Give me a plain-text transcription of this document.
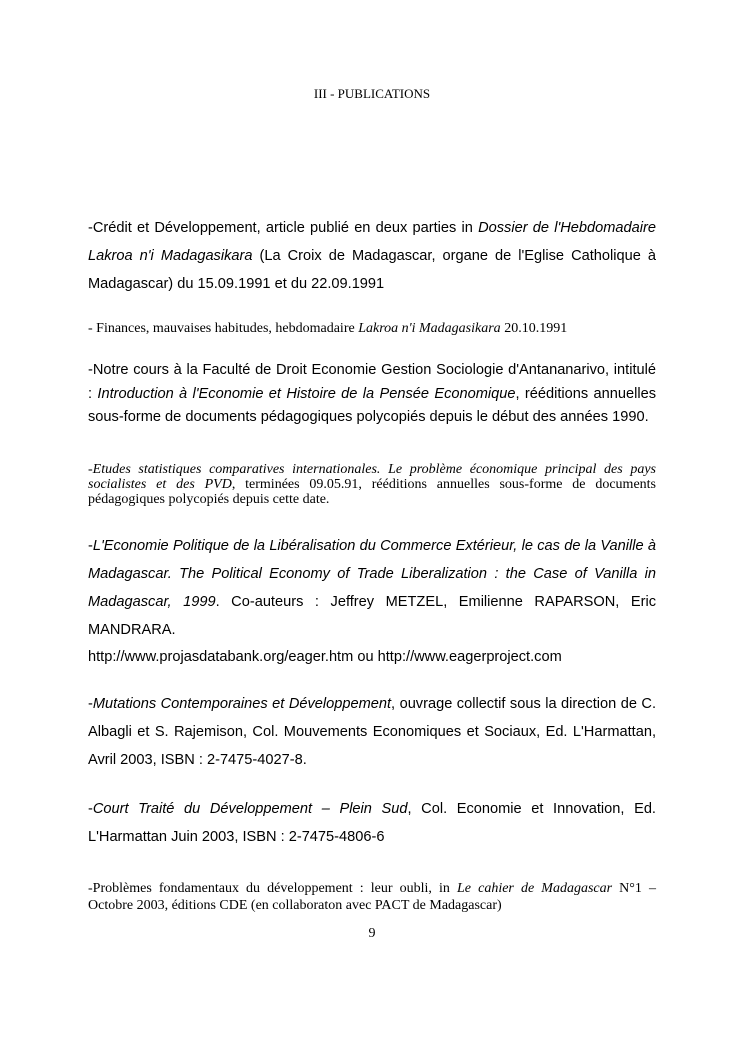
III - PUBLICATIONS

-Crédit et Développement, article publié en deux parties in Dossier de l'Hebdomadaire Lakroa n'i Madagasikara (La Croix de Madagascar, organe de l'Eglise Catholique à Madagascar) du 15.09.1991 et du 22.09.1991

- Finances, mauvaises habitudes, hebdomadaire Lakroa n'i Madagasikara 20.10.1991

-Notre cours à la Faculté de Droit Economie Gestion Sociologie d'Antananarivo, intitulé : Introduction à l'Economie et Histoire de la Pensée Economique, rééditions annuelles sous-forme de documents pédagogiques polycopiés depuis le début des années 1990.

-Etudes statistiques comparatives internationales. Le problème économique principal des pays socialistes et des PVD, terminées 09.05.91, rééditions annuelles sous-forme de documents pédagogiques polycopiés depuis cette date.

-L'Economie Politique de la Libéralisation du Commerce Extérieur, le cas de la Vanille à Madagascar. The Political Economy of Trade Liberalization : the Case of Vanilla in Madagascar, 1999. Co-auteurs : Jeffrey METZEL, Emilienne RAPARSON, Eric MANDRARA.

http://www.projasdatabank.org/eager.htm ou http://www.eagerproject.com

-Mutations Contemporaines et Développement, ouvrage collectif sous la direction de C. Albagli et S. Rajemison, Col. Mouvements Economiques et Sociaux, Ed. L'Harmattan, Avril 2003, ISBN : 2-7475-4027-8.

-Court Traité du Développement – Plein Sud, Col. Economie et Innovation, Ed. L'Harmattan Juin 2003, ISBN : 2-7475-4806-6

-Problèmes fondamentaux du développement : leur oubli, in Le cahier de Madagascar N°1 – Octobre 2003, éditions CDE (en collaboraton avec PACT de Madagascar)

9
